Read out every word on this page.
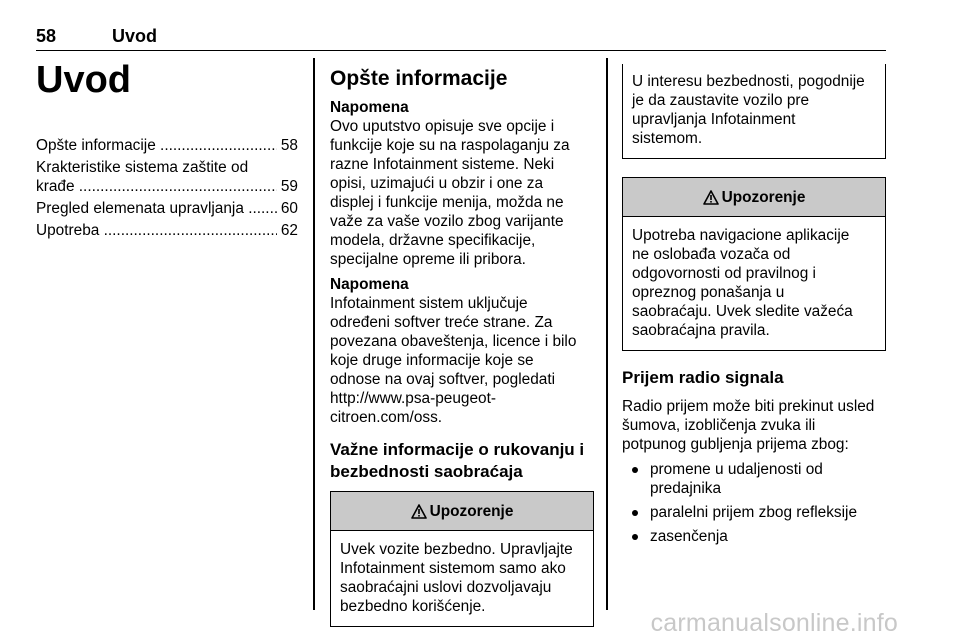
58	Uvod
Uvod
Opšte informacije .....	58
Krakteristike sistema zaštite od
krađe .....	59
Pregled elemenata upravljanja .....	60
Upotreba .....	62
Opšte informacije
Napomena
Ovo uputstvo opisuje sve opcije i
funkcije koje su na raspolaganju za
razne Infotainment sisteme. Neki
opisi, uzimajući u obzir i one za
displej i funkcije menija, možda ne
važe za vaše vozilo zbog varijante
modela, državne specifikacije,
specijalne opreme ili pribora.
Napomena
Infotainment sistem uključuje
određeni softver treće strane. Za
povezana obaveštenja, licence i bilo
koje druge informacije koje se
odnose na ovaj softver, pogledati
http://www.psa-peugeot-
citroen.com/oss.
Važne informacije o rukovanju i bezbednosti saobraćaja
Upozorenje
Uvek vozite bezbedno. Upravljajte
Infotainment sistemom samo ako
saobraćajni uslovi dozvoljavaju
bezbedno korišćenje.
U interesu bezbednosti, pogodnije
je da zaustavite vozilo pre
upravljanja Infotainment
sistemom.
Upozorenje
Upotreba navigacione aplikacije
ne oslobađa vozača od
odgovornosti od pravilnog i
opreznog ponašanja u
saobraćaju. Uvek sledite važeća
saobraćajna pravila.
Prijem radio signala
Radio prijem može biti prekinut usled
šumova, izobličenja zvuka ili
potpunog gubljenja prijema zbog:
promene u udaljenosti od
predajnika
paralelni prijem zbog refleksije
zasenčenja
carmanualsonline.info
